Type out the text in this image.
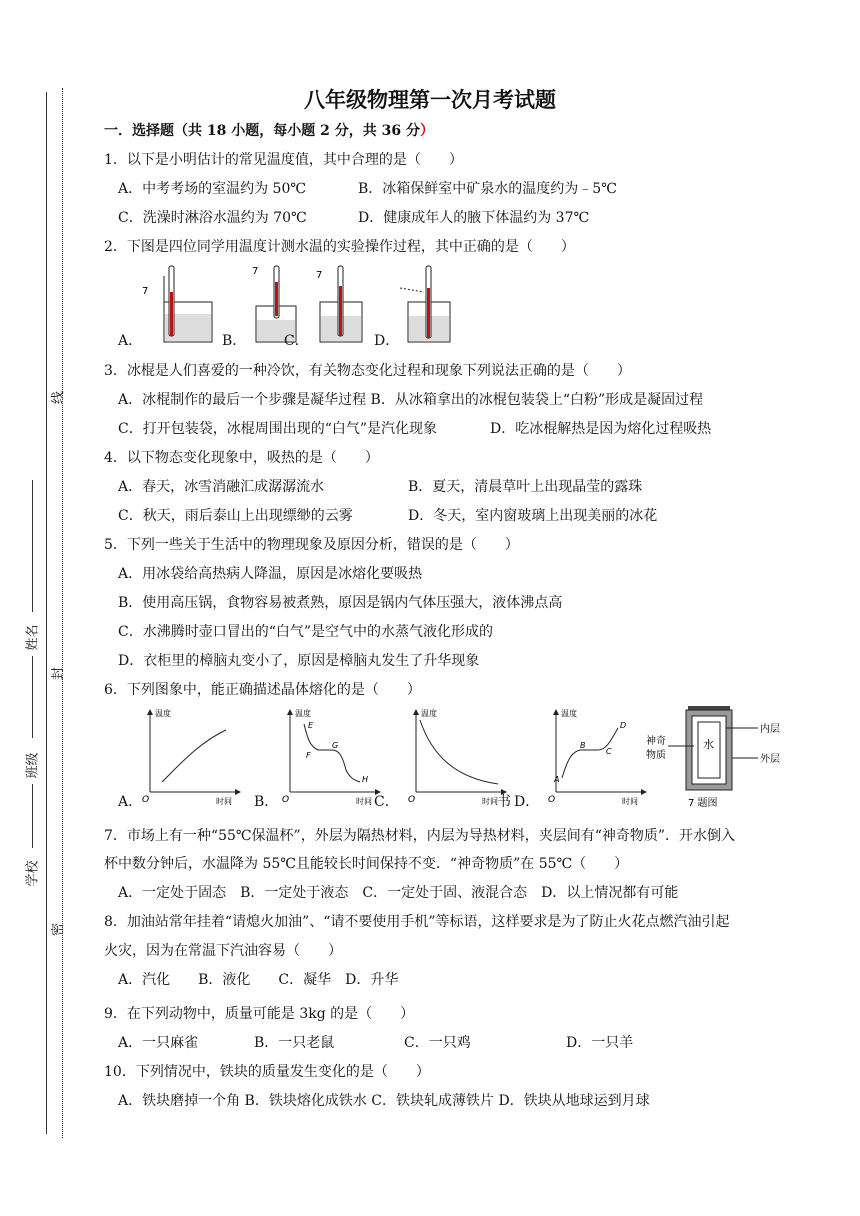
线
封
密
姓名
班级
学校
八年级物理第一次月考试题
一．选择题（共 18 小题，每小题 2 分，共 36 分）
1．以下是小明估计的常见温度值，其中合理的是（　　）
A．中考考场的室温约为 50℃	B．冰箱保鲜室中矿泉水的温度约为﹣5℃
C．洗澡时淋浴水温约为 70℃	D．健康成年人的腋下体温约为 37℃
2．下图是四位同学用温度计测水温的实验操作过程，其中正确的是（　　）
7
7	7
A．	B．	C．	D．
3．冰棍是人们喜爱的一种冷饮，有关物态变化过程和现象下列说法正确的是（　　）
A．冰棍制作的最后一个步骤是凝华过程 B．从冰箱拿出的冰棍包装袋上“白粉”形成是凝固过程
C．打开包装袋，冰棍周围出现的“白气”是汽化现象	D．吃冰棍解热是因为熔化过程吸热
4．以下物态变化现象中，吸热的是（　　）
A．春天，冰雪消融汇成潺潺流水	B．夏天，清晨草叶上出现晶莹的露珠
C．秋天，雨后泰山上出现缥缈的云雾	D．冬天，室内窗玻璃上出现美丽的冰花
5．下列一些关于生活中的物理现象及原因分析，错误的是（　　）
A．用冰袋给高热病人降温，原因是冰熔化要吸热
B．使用高压锅，食物容易被煮熟，原因是锅内气体压强大，液体沸点高
C．水沸腾时壶口冒出的“白气”是空气中的水蒸气液化形成的
D．衣柜里的樟脑丸变小了，原因是樟脑丸发生了升华现象
6．下列图象中，能正确描述晶体熔化的是（　　）
温度
时间
O
温度
时间
O
E
F
G
H
温度
时间
O
温度
时间
O
A
B
C
D
水
神奇
物质
内层
外层
7 题图
A．	B．	C．	书 D．
7．市场上有一种“55℃保温杯”，外层为隔热材料，内层为导热材料，夹层间有“神奇物质”．开水倒入
杯中数分钟后，水温降为 55℃且能较长时间保持不变．“神奇物质”在 55℃（　　）
A．一定处于固态　B．一定处于液态　C．一定处于固、液混合态　D．以上情况都有可能
8．加油站常年挂着“请熄火加油”、“请不要使用手机”等标语，这样要求是为了防止火花点燃汽油引起
火灾，因为在常温下汽油容易（　　）
A．汽化　　B．液化　　C．凝华　D．升华
9．在下列动物中，质量可能是 3kg 的是（　　）
A．一只麻雀	B．一只老鼠	C．一只鸡	D．一只羊
10．下列情况中，铁块的质量发生变化的是（　　）
A．铁块磨掉一个角 B．铁块熔化成铁水 C．铁块轧成薄铁片 D．铁块从地球运到月球
